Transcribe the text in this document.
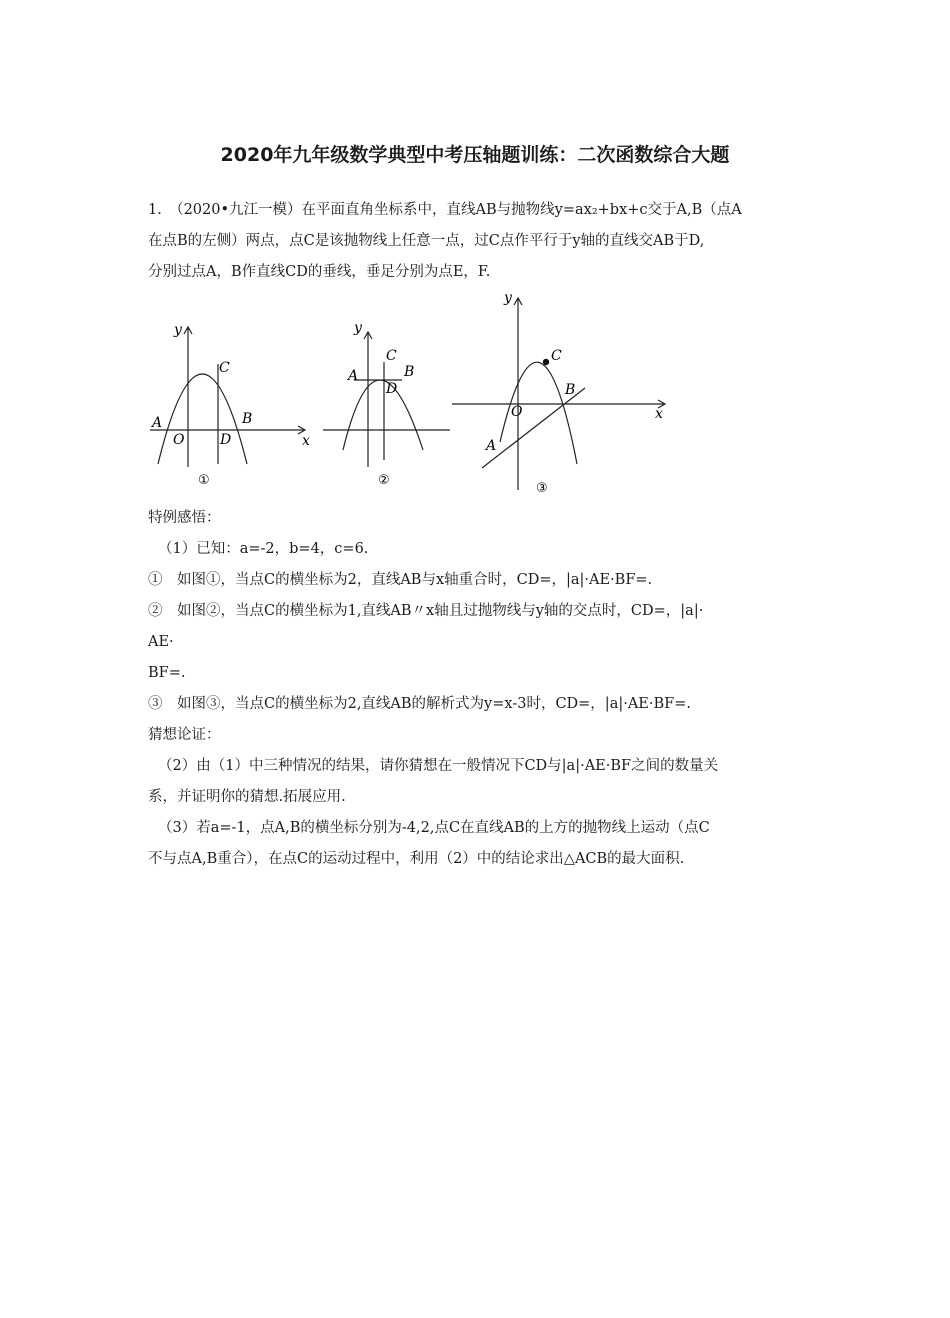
2020年九年级数学典型中考压轴题训练：二次函数综合大题

1.　（2020•九江一模）在平面直角坐标系中，直线AB与抛物线y=ax₂+bx+c交于A,B（点A

在点B的左侧）两点，点C是该抛物线上任意一点，过C点作平行于y轴的直线交AB于D,

分别过点A，B作直线CD的垂线，垂足分别为点E，F.

y
x
C
A
O	D
B
①
y
C
A
D
B
②
y
x
C
B
O
A
③

特例感悟：

（1）已知：a=-2，b=4，c=6.

①　如图①，当点C的横坐标为2，直线AB与x轴重合时，CD=，|a|·AE·BF=.

②　如图②，当点C的横坐标为1,直线AB〃x轴且过抛物线与y轴的交点时，CD=，|a|·

AE·

BF=.

③　如图③，当点C的横坐标为2,直线AB的解析式为y=x-3时，CD=，|a|·AE·BF=.

猜想论证：

（2）由（1）中三种情况的结果，请你猜想在一般情况下CD与|a|·AE·BF之间的数量关

系，并证明你的猜想.拓展应用.

（3）若a=-1，点A,B的横坐标分别为-4,2,点C在直线AB的上方的抛物线上运动（点C

不与点A,B重合），在点C的运动过程中，利用（2）中的结论求出△ACB的最大面积.
